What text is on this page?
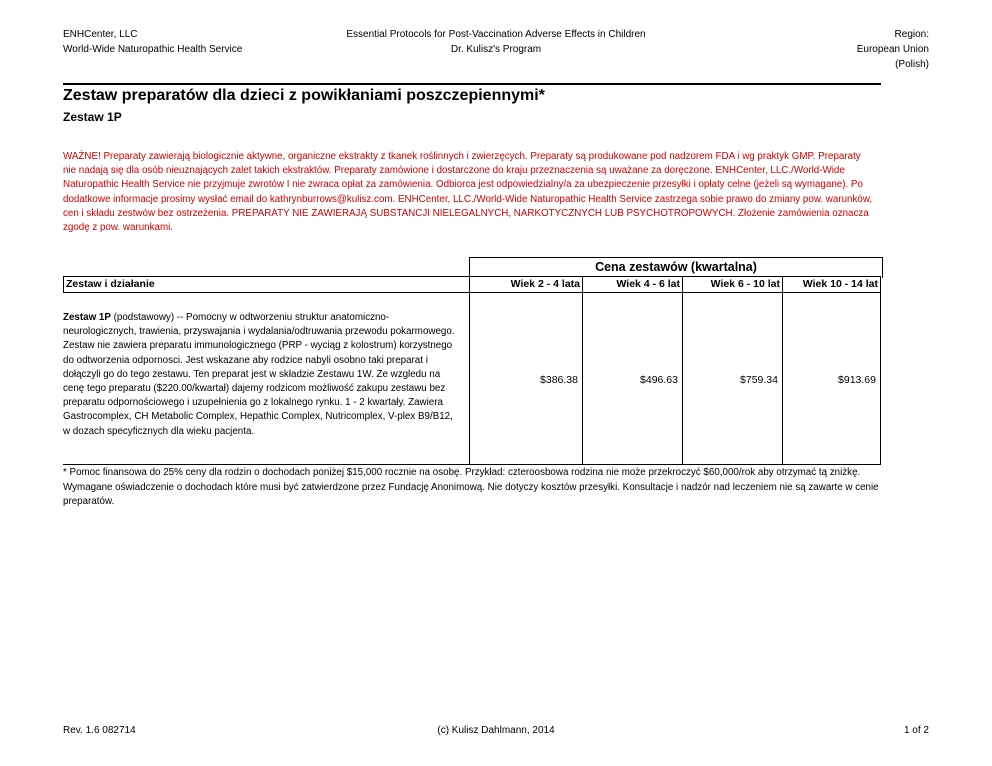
ENHCenter, LLC
World-Wide Naturopathic Health Service
Essential Protocols for Post-Vaccination Adverse Effects in Children
Dr. Kulisz's Program
Region:
European Union
(Polish)
Zestaw preparatów dla dzieci z powikłaniami poszczepiennymi*
Zestaw 1P
WAŻNE! Preparaty zawierają biologicznie aktywne, organiczne ekstrakty z tkanek roślinnych i zwierzęcych. Preparaty są produkowane pod nadzorem FDA i wg praktyk GMP. Preparaty nie nadają się dla osób nieuznających zalet takich ekstraktów. Preparaty zamówione i dostarczone do kraju przeznaczenia są uważane za doręczone. ENHCenter, LLC./World-Wide Naturopathic Health Service nie przyjmuje zwrotów I nie zwraca opłat za zamówienia. Odbiorca jest odpowiedzialny/a za ubezpieczenie przesyłki i opłaty celne (jeżeli są wymagane). Po dodatkowe informacje prosimy wysłać email do kathrynburrows@kulisz.com. ENHCenter, LLC./World-Wide Naturopathic Health Service zastrzega sobie prawo do zmiany pow. warunków, cen i składu zestwów bez ostrzeżenia. PREPARATY NIE ZAWIERAJĄ SUBSTANCJI NIELEGALNYCH, NARKOTYCZNYCH LUB PSYCHOTROPOWYCH. Złożenie zamówienia oznacza zgodę z pow. warunkami.
Cena zestawów (kwartalna)
Zestaw i działanie	Wiek 2 - 4 lata	Wiek 4 - 6 lat	Wiek 6 - 10 lat	Wiek 10 - 14 lat
Zestaw 1P (podstawowy) -- Pomocny w odtworzeniu struktur anatomiczno-neurologicznych, trawienia, przyswajania i wydalania/odtruwania przewodu pokarmowego. Zestaw nie zawiera preparatu immunologicznego (PRP - wyciąg z kolostrum) korzystnego do odtworzenia odpornosci. Jest wskazane aby rodzice nabyli osobno taki preparat i dołączyli go do tego zestawu. Ten preparat jest w składzie Zestawu 1W. Ze wzgledu na cenę tego preparatu ($220.00/kwartał) dajemy rodzicom możliwość zakupu zestawu bez preparatu odpornościowego i uzupełnienia go z lokalnego rynku. 1 - 2 kwartały. Zawiera Gastrocomplex, CH Metabolic Complex, Hepathic Complex, Nutricomplex, V-plex B9/B12, w dozach specyficznych dla wieku pacjenta.
$386.38	$496.63	$759.34	$913.69
* Pomoc finansowa do 25% ceny dla rodzin o dochodach poniżej $15,000 rocznie na osobę. Przykład: czteroosbowa rodzina nie może przekroczyć $60,000/rok aby otrzymać tą zniżkę. Wymagane oświadczenie o dochodach które musi być zatwierdzone przez Fundację Anonimową. Nie dotyczy kosztów przesyłki. Konsultacje i nadzór nad leczeniem nie są zawarte w cenie preparatów.
Rev. 1.6 082714	(c) Kulisz Dahlmann, 2014	1 of 2
